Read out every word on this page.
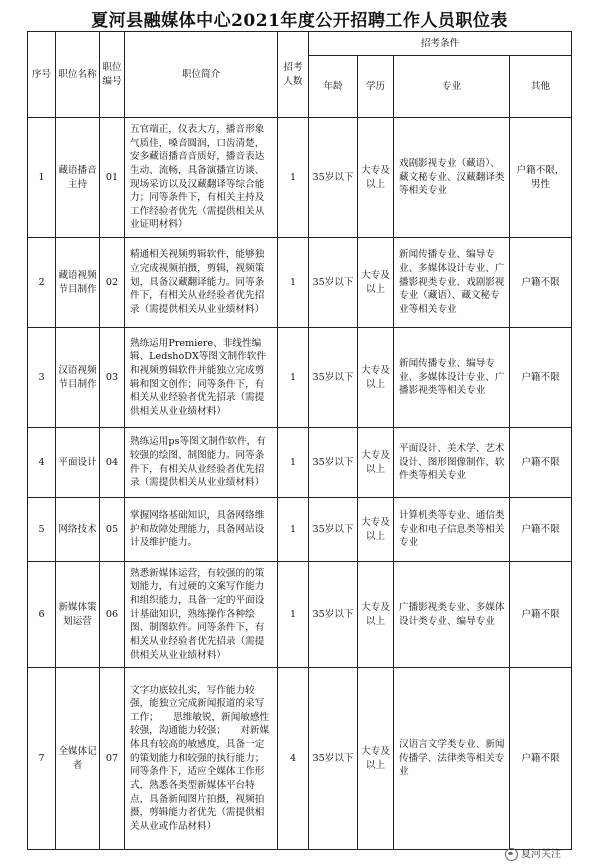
夏河县融媒体中心2021年度公开招聘工作人员职位表
序号	职位名称	职位编号	职位简介	招考人数	招考条件			
					年龄	学历	专业	其他
1	藏语播音主持	01	五官端正，仪表大方，播音形象气质佳，嗓音圆润，口齿清楚，安多藏语播音音质好，播音表达生动、流畅，具备演播宣访谈、现场采访以及汉藏翻译等综合能力；同等条件下，有相关主持及工作经验者优先（需提供相关从业证明材料）	1	35岁以下	大专及以上	戏剧影视专业（藏语）、藏文秘专业、汉藏翻译类等相关专业	户籍不限，男性
2	藏语视频节目制作	02	精通相关视频剪辑软件，能够独立完成视频拍摄，剪辑，视频策划，具备汉藏翻译能力。同等条件下，有相关从业经验者优先招录（需提供相关从业业绩材料）	1	35岁以下	大专及以上	新闻传播专业、编导专业、多媒体设计专业、广播影视类专业、戏剧影视专业（藏语）、藏文秘专业等相关专业	户籍不限
3	汉语视频节目制作	03	熟练运用Premiere、非线性编辑、LedshoDX等图文制作软件和视频剪辑软件并能独立完成剪辑和图文创作；同等条件下，有相关从业经验者优先招录（需提供相关从业业绩材料）	1	35岁以下	大专及以上	新闻传播专业、编导专业、多媒体设计专业、广播影视类等相关专业	户籍不限
4	平面设计	04	熟练运用ps等图文制作软件，有较强的绘图、制图能力。同等条件下，有相关从业经验者优先招录（需提供相关从业业绩材料）	1	35岁以下	大专及以上	平面设计、美术学、艺术设计、图形图像制作、软件类等相关专业	户籍不限
5	网络技术	05	掌握网络基础知识，具备网络维护和故障处理能力，具备网站设计及维护能力。	1	35岁以下	大专及以上	计算机类等专业、通信类专业和电子信息类等相关专业	户籍不限
6	新媒体策划运营	06	熟悉新媒体运营，有较强的的策划能力，有过硬的文案写作能力和组织能力，具备一定的平面设计基础知识，熟练操作各种绘图、制图软件。同等条件下，有相关从业经验者优先招录（需提供相关从业业绩材料）	1	35岁以下	大专及以上	广播影视类专业、多媒体设计类专业、编导专业	户籍不限
7	全媒体记者	07	文字功底较扎实，写作能力较强，能独立完成新闻报道的采写工作；　　思维敏锐，新闻敏感性较强，沟通能力较强；　　对新媒体具有较高的敏感度，具备一定的策划能力和较强的执行能力；同等条件下，适应全媒体工作形式，熟悉各类型新媒体平台特点，具备新闻图片拍摄，视频拍摄，剪辑能力者优先（需提供相关从业或作品材料）	4	35岁以下	大专及以上	汉语言文学类专业、新闻传播学、法律类等相关专业	户籍不限
夏河关注
